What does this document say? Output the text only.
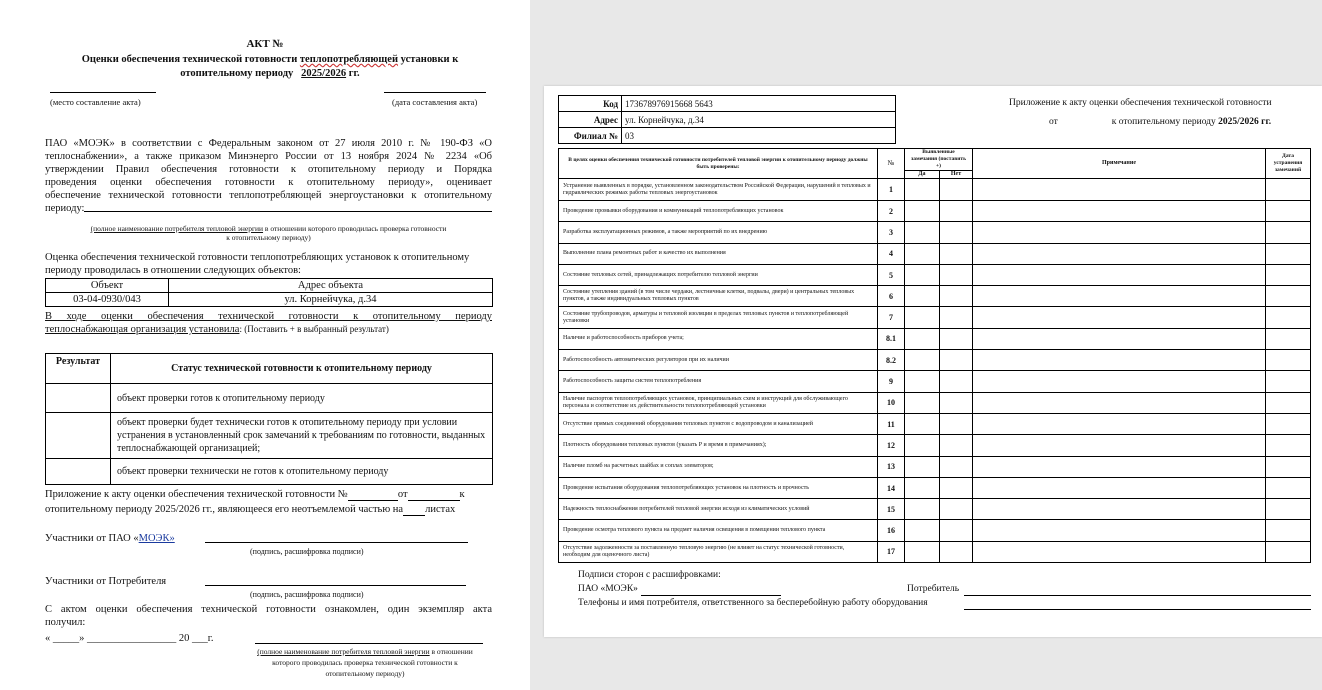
АКТ №
Оценки обеспечения технической готовности теплопотребляющей установки к
отопительному периоду 2025/2026 гг.
(место составление акта)	(дата составления акта)
ПАО «МОЭК» в соответствии с Федеральным законом от 27 июля 2010 г. № 190-ФЗ «О
теплоснабжении», а также приказом Минэнерго России от 13 ноября 2024 № 2234 «Об
утверждении Правил обеспечения готовности к отопительному периоду и Порядка
проведения оценки обеспечения готовности к отопительному периоду», оценивает
обеспечение технической готовности теплопотребляющей энергоустановки к отопительному
периоду:
(полное наименование потребителя тепловой энергии в отношении которого проводилась проверка готовности
к отопительному периоду)
Оценка обеспечения технической готовности теплопотребляющих установок к отопительному
периоду проводилась в отношении следующих объектов:
Объект	Адрес объекта
03-04-0930/043	ул. Корнейчука, д.34
В ходе оценки обеспечения технической готовности к отопительному периоду
теплоснабжающая организация установила: (Поставить + в выбранный результат)
Результат	Статус технической готовности к отопительному периоду
	объект проверки готов к отопительному периоду
	объект проверки будет технически готов к отопительному периоду при условии устранения в установленный срок замечаний к требованиям по готовности, выданных теплоснабжающей организацией;
	объект проверки технически не готов к отопительному периоду
Приложение к акту оценки обеспечения технической готовности №	от	к
отопительному периоду 2025/2026 гг., являющееся его неотъемлемой частью на листах
Участники от ПАО «МОЭК»
(подпись, расшифровка подписи)
Участники от Потребителя
(подпись, расшифровка подписи)
С актом оценки обеспечения технической готовности ознакомлен, один экземпляр акта
получил:
« _____» _________________ 20 ___г.
(полное наименование потребителя тепловой энергии в отношении
которого проводилась проверка технической готовности к
отопительному периоду)
Код	173678976915668 5643
Адрес	ул. Корнейчука, д.34
Филиал №	03
Приложение к акту оценки обеспечения технической готовности
от	к отопительному периоду 2025/2026 гг.
В целях оценки обеспечения технической готовности потребителей тепловой энергии к отопительному периоду должны быть проверены:	№	Выявленные замечания (поставить +)		Примечание	Дата устранения замечаний
		Да	Нет		
Устранение выявленных в порядке, установленном законодательством Российской Федерации, нарушений в тепловых и гидравлических режимах работы тепловых энергоустановок	1				
Проведение промывки оборудования и коммуникаций теплопотребляющих установок	2				
Разработка эксплуатационных режимов, а также мероприятий по их внедрению	3				
Выполнение плана ремонтных работ и качество их выполнения	4				
Состояние тепловых сетей, принадлежащих потребителю тепловой энергии	5				
Состояние утепления зданий (в том числе чердаки, лестничные клетки, подвалы, двери) и центральных тепловых пунктов, а также индивидуальных тепловых пунктов	6				
Состояние трубопроводов, арматуры и тепловой изоляции в пределах тепловых пунктов и теплопотребляющей установки	7				
Наличие и работоспособность приборов учета;	8.1				
Работоспособность автоматических регуляторов при их наличии	8.2				
Работоспособность защиты систем теплопотребления	9				
Наличие паспортов теплопотребляющих установок, принципиальных схем и инструкций для обслуживающего персонала и соответствие их действительности теплопотребляющей установки	10				
Отсутствие прямых соединений оборудования тепловых пунктов с водопроводом и канализацией	11				
Плотность оборудования тепловых пунктов (указать Р и время в примечаниях);	12				
Наличие пломб на расчетных шайбах и соплах элеваторов;	13				
Проведение испытания оборудования теплопотребляющих установок на плотность и прочность	14				
Надежность теплоснабжения потребителей тепловой энергии исходя из климатических условий	15				
Проведение осмотра теплового пункта на предмет наличия освещения в помещении теплового пункта	16				
Отсутствие задолженности за поставленную тепловую энергию (не влияет на статус технической готовности, необходим для оценочного листа)	17				
Подписи сторон с расшифровками:
ПАО «МОЭК»	Потребитель
Телефоны и имя потребителя, ответственного за бесперебойную работу оборудования
